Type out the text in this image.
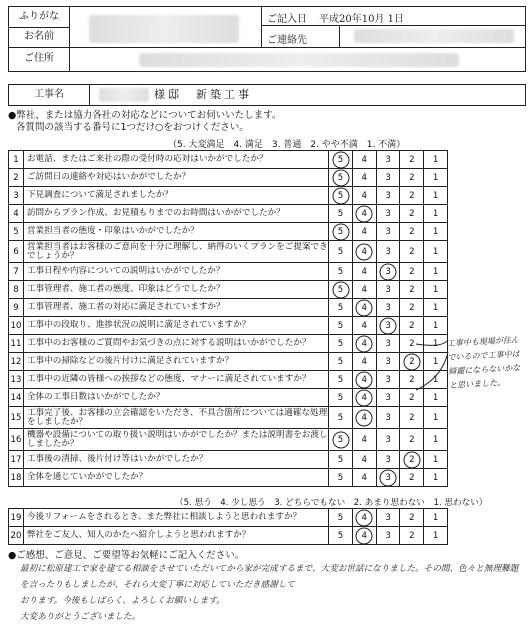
ふりがな
お名前
ご住所
ご記入日 平成20年10月 1日
ご連絡先
工事名	様邸　新築工事
●弊社、または協力各社の対応などについてお伺いいたします。
各質問の該当する番号に1つだけ○をおつけください。
（5. 大変満足　4. 満足　3. 普通　2. やや不満　1. 不満）
1	お電話、またはご来社の際の受付時の応対はいかがでしたか？	5	4	3	2	1
2	ご訪問日の連絡や対応はいかがでしたか？	5	4	3	2	1
3	下見調査について満足されましたか？	5	4	3	2	1
4	訪問からプラン作成、お見積もりまでのお時間はいかがでしたか？	5	4	3	2	1
5	営業担当者の態度・印象はいかがでしたか？	5	4	3	2	1
6	営業担当者はお客様のご意向を十分に理解し、納得のいくプランをご提案できでしょうか？	5	4	3	2	1
7	工事日程や内容についての説明はいかがでしたか？	5	4	3	2	1
8	工事管理者、施工者の態度、印象はどうでしたか？	5	4	3	2	1
9	工事管理者、施工者の対応に満足されていますか？	5	4	3	2	1
10	工事中の段取り、進捗状況の説明に満足されていますか？	5	4	3	2	1
11	工事中のお客様のご質問やお気づきの点に対する説明はいかがでしたか？	5	4	3	2	1
12	工事中の掃除などの後片付けに満足されていますか？	5	4	3	2	1
13	工事中の近隣の皆様への挨拶などの態度、マナーに満足されていますか？	5	4	3	2	1
14	全体の工事日数はいかがでしたか？	5	4	3	2	1
15	工事完了後、お客様の立会確認をいただき、不具合箇所については適確な処理をしましたか？	5	4	3	2	1
16	機器や設備についての取り扱い説明はいかがでしたか？または説明書をお渡ししましたか？	5	4	3	2	1
17	工事後の清掃、後片付け等はいかがでしたか？	5	4	3	2	1
18	全体を通じていかがでしたか？	5	4	3	2	1
工事中も現場が住んでいるので工事中は綺麗にならないかなと思いました。
（5. 思う　4. 少し思う　3. どちらでもない　2. あまり思わない　1. 思わない）
19	今後リフォームをされるとき、また弊社に相談しようと思われますか？	5	4	3	2	1
20	弊社をご友人、知人のかたへ紹介しようと思われますか？	5	4	3	2	1
●ご感想、ご意見、ご要望等お気軽にご記入ください。
最初に松原建工で家を建てる相談をさせていただいてから家が完成するまで、大変お世話になりました。その間、色々と無理難題を言ったりもしましたが、それら大変丁寧に対応していただき感謝して
おります。今後もしばらく、よろしくお願いします。
大変ありがとうございました。
